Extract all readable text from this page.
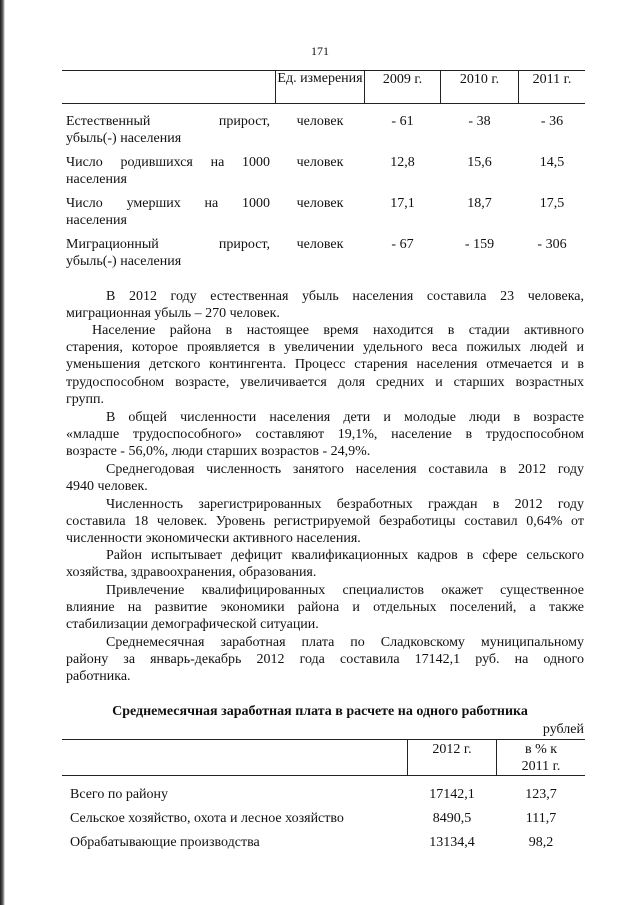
171
Ед. измерения	2009 г.	2010 г.	2011 г.
Естественный прирост,
убыль(-) населения
человек	- 61	- 38	- 36
Число родившихся на 1000
населения
человек	12,8	15,6	14,5
Число умерших на 1000
населения
человек	17,1	18,7	17,5
Миграционный прирост,
убыль(-) населения
человек	- 67	- 159	- 306
В 2012 году естественная убыль населения составила 23 человека,
миграционная убыль – 270 человек.
Население района в настоящее время находится в стадии активного
старения, которое проявляется в увеличении удельного веса пожилых людей и
уменьшения детского контингента. Процесс старения населения отмечается и в
трудоспособном возрасте, увеличивается доля средних и старших возрастных
групп.
В общей численности населения дети и молодые люди в возрасте
«младше трудоспособного» составляют 19,1%, население в трудоспособном
возрасте - 56,0%, люди старших возрастов - 24,9%.
Среднегодовая численность занятого населения составила в 2012 году
4940 человек.
Численность зарегистрированных безработных граждан в 2012 году
составила 18 человек. Уровень регистрируемой безработицы составил 0,64% от
численности экономически активного населения.
Район испытывает дефицит квалификационных кадров в сфере сельского
хозяйства, здравоохранения, образования.
Привлечение квалифицированных специалистов окажет существенное
влияние на развитие экономики района и отдельных поселений, а также
стабилизации демографической ситуации.
Среднемесячная заработная плата по Сладковскому муниципальному
району за январь-декабрь 2012 года составила 17142,1 руб. на одного
работника.
Среднемесячная заработная плата в расчете на одного работника
рублей
2012 г.	в % к
2011 г.
Всего по району	17142,1	123,7
Сельское хозяйство, охота и лесное хозяйство	8490,5	111,7
Обрабатывающие производства	13134,4	98,2
